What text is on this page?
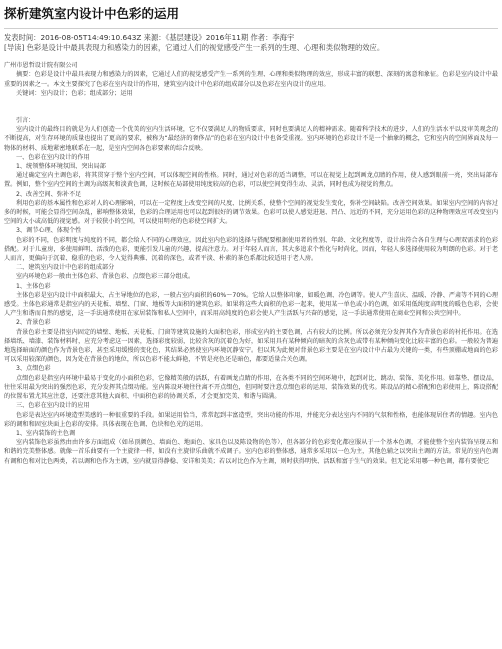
探析建筑室内设计中色彩的运用
发表时间：2016-08-05T14:49:10.643Z 来源：《基层建设》2016年11期 作者：李海宇
[导读] 色彩是设计中最具表现力和感染力的因素，它通过人们的视觉感受产生一系列的生理、心理和类似物理的效应。

广州市恩哲设计院有限公司

摘要：色彩是设计中最具表现力和感染力的因素，它通过人们的视觉感受产生一系列的生理、心理和类似物理的效应，形成丰富的联想、深刻的寓意和象征。色彩是室内设计中最重要的因素之一。本文主要探究了色彩在室内设计的作用，建筑室内设计中色彩的组成部分以及色彩在室内设计的应用。

关键词：室内设计；色彩；组成部分；运用

引言：

室内设计的最终目的就是为人们创造一个优美的室内生活环境，它不仅要满足人的物质要求，同时也要满足人的精神需求。随着科学技术的进步，人们的生活水平以及审美观念的不断提高，对生存环境的质量也提出了更高的要求，被称为“最经济的奢侈品”的色彩在室内设计中也备受重视。室内环境的色彩设计不是一个抽象的概念，它和室内的空间界面及每一物体的材料、质地紧密地联系在一起，是室内空间各色彩要素的综合反映。

一、色彩在室内设计的作用

1、统领整体环境氛围、突出局部

通过确定室内主调色彩，将其贯穿于整个室内空间，可以体现空间的性格。同时，通过对色彩的适当调整，可以在视觉上起到画龙点睛的作用，使人感到眼前一亮，突出局部布置。例如，整个室内空间的主调为高级灰和淡黄色调，这时候在局部使用纯度较高的色彩，可以使空间变得生动、灵活，同时也成为视觉的焦点。

2、改善空间、弥补不足

利用色彩的基本属性和色彩对人的心理影响，可以在一定程度上改变空间的尺度、比例关系，使整个空间的视觉发生变化，弥补空间缺陷。改善空间效果。如果室内空间的内容过多的时候，可能会显得空间杂乱，影响整体效果，色彩的合理运用也可以起到很好的调节效果。色彩可以使人感觉进退、凹凸、远近的不同，充分运用色彩的这种物理效应可改变室内空间的大小或高低的视觉感。对于较狭小的空间，可以使用明亮的色彩使空间扩大。

3、调节心理、体现个性

色彩的不同，色彩明度与纯度的不同，都会给人不同的心理效应，因此室内色彩的选择与搭配要根据使用者的性别、年龄、文化程度等，设计出符合各自生理与心理双需求的色彩搭配。对于儿童房，多使用鲜明、活泼的色彩，更能引发儿童的兴趣，提高注意力。对于年轻人而言，其大多追求个性化与时尚化，因而，年轻人多选择使用较为明朗的色彩。对于老人而言，更偏向于沉着、稳重的色彩，令人觉得典雅、沉着的深色，或者平淡、朴素的茶色系都比较适用于老人房。

二、建筑室内设计中色彩的组成部分

室内环境色彩一般由主体色彩、背景色彩、点缀色彩三部分组成。

1、主体色彩

主体色彩是室内设计中面积最大、占主导地位的色彩，一般占室内面积的60%～70%。它给人以整体印象，如暖色调、冷色调等。使人产生喜庆、温暖、冷静、严肃等不同的心理感受。主体色彩通常是指室内的天花板、墙壁、门窗、地板等大面积的建筑色彩。如果将这些大面积的色彩一起来，使用某一单色或小的色调，如采用低纯度高明度的暖色色彩，会使人产生和谐而自然的感觉，这一手法通常使用在家居装饰和私人空间中，而采用高纯度的色彩会使人产生活跃与兴奋的感觉，这一手法通常使用在商业空间和公共空间中。

2、背景色彩

背景色彩主要是指室内固定的墙壁、地板、天花板、门窗等建筑设施的大面积色彩，形成室内的主要色调，占有较大的比例。所以必须充分发挥其作为背景色彩的衬托作用。在选择墙纸、墙漆、装饰材料时，应充分考虑这一因素，选择彩度较弱，比较含灰的沉着色为好，如采用具有某种倾向的暗灰的含灰色或带有某种倾向变化比较丰富的色彩。一般较为普遍地选择暗面的颜色作为背景色彩，甚至采用缓慢的变化色，其结果必然使室内环境沉静安宁。但以其为此便对背景色彩主要是在室内设计中占最为关键的一类，有些顶棚或地面的色彩可以采用较深的颜色，因为处在背景色的地位，所以色彩不能太鲜艳，不管是亮色还是暗色，都要适量合关色调。

3、点缀色彩

点缀色彩是指室内环境中最易于变化的小面积色彩，它像精美般的活跃，有着画龙点睛的作用，在各类不同的空间环境中，起到对比、跳动、装饰、美化作用。如靠垫、摆设品，往往采用最为突出的强烈色彩，充分发挥其点缀功能。室内陈设环境往往离不开点缀色，但同时要注意点缀色彩的运用、装饰效果的优劣。陈设品的精心搭配和色彩使用上，陈设搭配的位置布置尤其应注意，还要注意其他大面积、中面积色彩的协调关系，才会更加完美、和谐与圆满。

三、色彩在室内设计的应用

色彩是表达室内环境造型美感的一种很重要的手段。如果运用恰当，常常起到丰富造型，突出功能的作用，并能充分表达室内不同的气氛和性格，也能体现居住者的情趣。室内色彩的调和和固室块面上色彩的安排。具体表现在色调、色块和色光的运用。

1、室内装饰的主色调

室内装饰色彩虽然由由许多方面组成（如吊顶颜色、墙面色、地面色、家具色以及陈设物的色等），但各部分的色彩变化都应服从于一个基本色调，才能使整个室内装饰呈现五和和谐的完美整体感。就像一首乐曲要有一个主旋律一样，如没有主旋律乐曲就不成调子。室内色彩的整体感，通常多采用以一色为主，其他色辅之以突出主调的方法。常见的室内色调有调和色和对比色两类，若以调和色作为主调，室内就显得静稳、安详和美美；若以对比色作为主调，则时获得明快、活跃和富于生气的效果。但无论采用哪一种色调，都有要使它
